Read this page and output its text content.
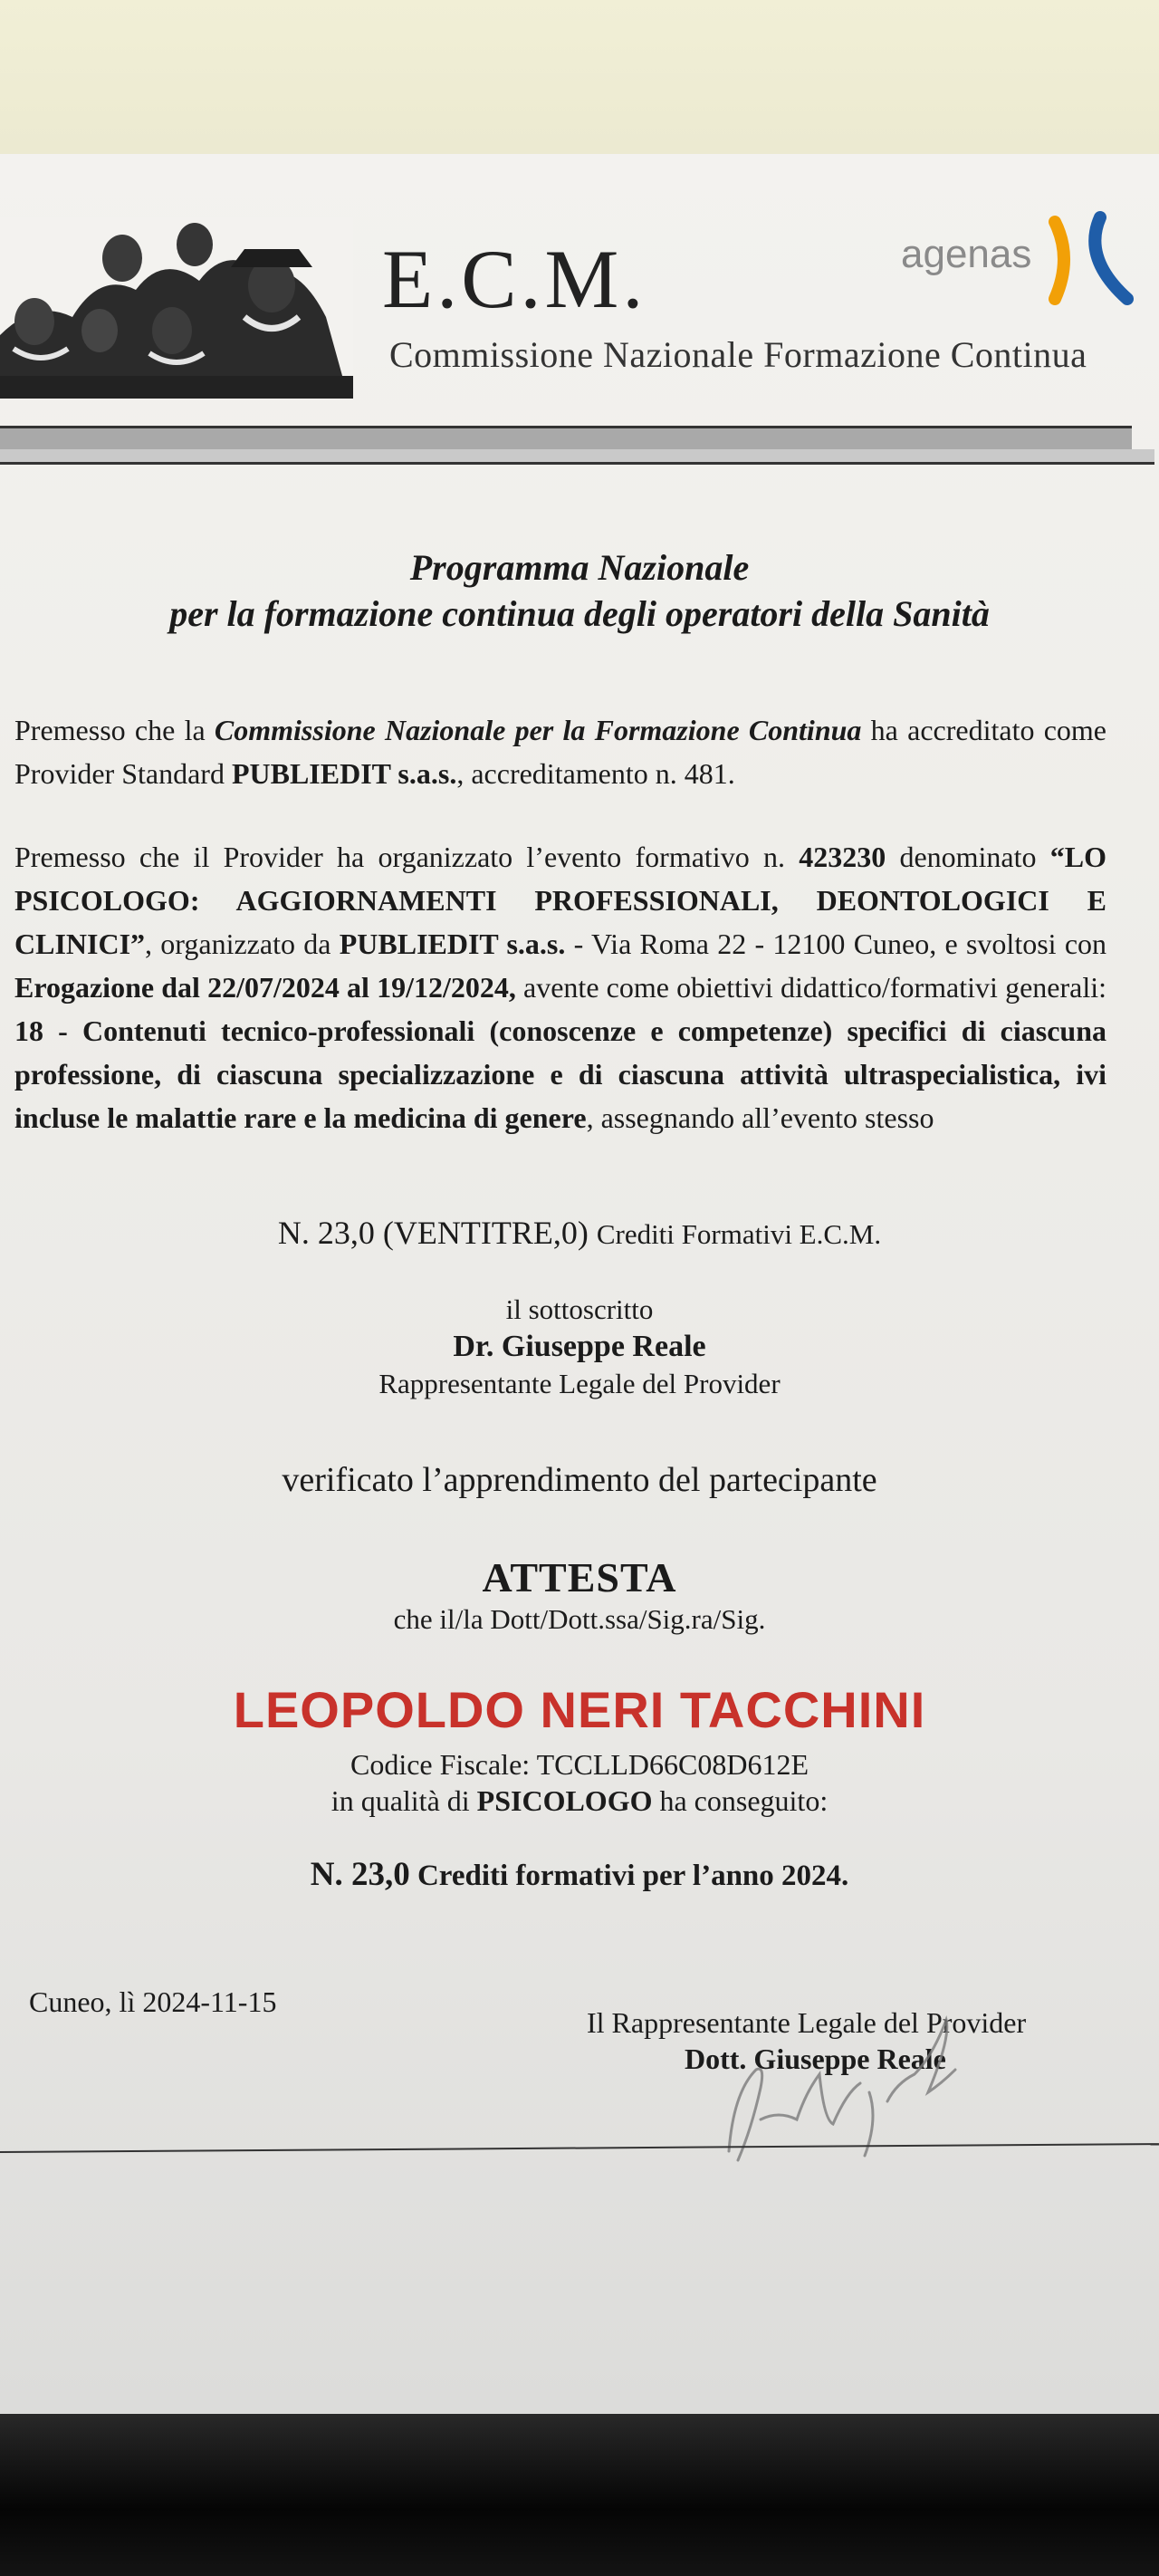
E.C.M.
Commissione Nazionale Formazione Continua
agenas
Programma Nazionale
per la formazione continua degli operatori della Sanità
Premesso che la Commissione Nazionale per la Formazione Continua ha accreditato come Provider Standard PUBLIEDIT s.a.s., accreditamento n. 481.
Premesso che il Provider ha organizzato l’evento formativo n. 423230 denominato “LO PSICOLOGO: AGGIORNAMENTI PROFESSIONALI, DEONTOLOGICI E CLINICI”, organizzato da PUBLIEDIT s.a.s. - Via Roma 22 - 12100 Cuneo, e svoltosi con Erogazione dal 22/07/2024 al 19/12/2024, avente come obiettivi didattico/formativi generali: 18 - Contenuti tecnico-professionali (conoscenze e competenze) specifici di ciascuna professione, di ciascuna specializzazione e di ciascuna attività ultraspecialistica, ivi incluse le malattie rare e la medicina di genere, assegnando all’evento stesso
N. 23,0 (VENTITRE,0) Crediti Formativi E.C.M.
il sottoscritto
Dr. Giuseppe Reale
Rappresentante Legale del Provider
verificato l’apprendimento del partecipante
ATTESTA
che il/la Dott/Dott.ssa/Sig.ra/Sig.
LEOPOLDO NERI TACCHINI
Codice Fiscale: TCCLLD66C08D612E
in qualità di PSICOLOGO ha conseguito:
N. 23,0 Crediti formativi per l’anno 2024.
Cuneo, lì 2024-11-15
Il Rappresentante Legale del Provider
Dott. Giuseppe Reale
